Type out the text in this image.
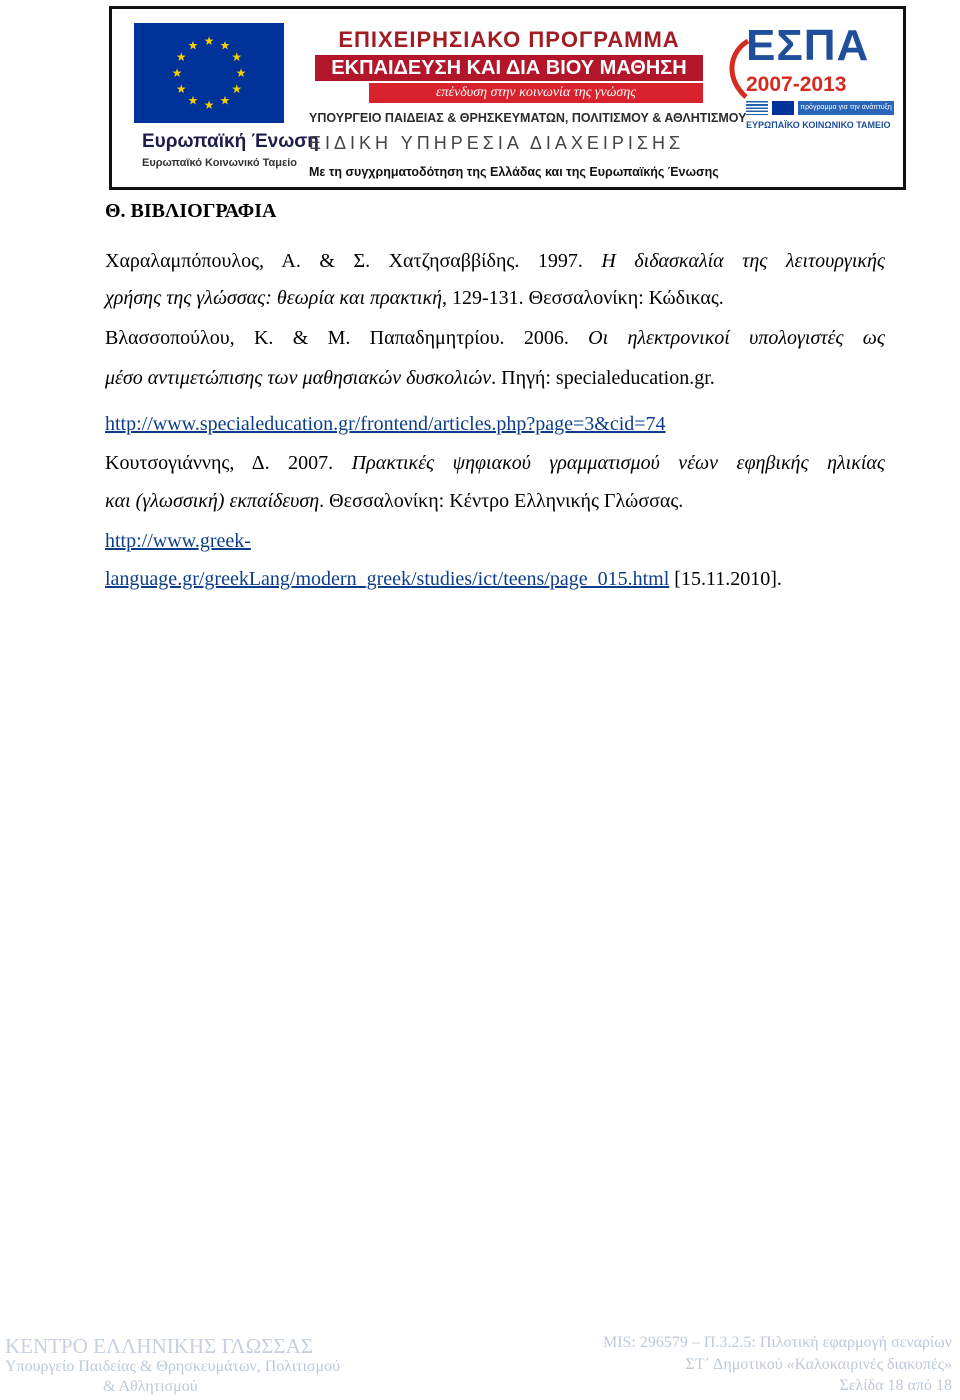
★ ★
★
★
★
★
★
★
★
★
★
★
Ευρωπαϊκή Ένωση
Ευρωπαϊκό Κοινωνικό Ταμείο
ΕΠΙΧΕΙΡΗΣΙΑΚΟ ΠΡΟΓΡΑΜΜΑ
ΕΚΠΑΙΔΕΥΣΗ ΚΑΙ ΔΙΑ ΒΙΟΥ ΜΑΘΗΣΗ
επένδυση στην κοινωνία της γνώσης
ΥΠΟΥΡΓΕΙΟ ΠΑΙΔΕΙΑΣ & ΘΡΗΣΚΕΥΜΑΤΩΝ, ΠΟΛΙΤΙΣΜΟΥ & ΑΘΛΗΤΙΣΜΟΥ
ΕΙΔΙΚΗ ΥΠΗΡΕΣΙΑ ΔΙΑΧΕΙΡΙΣΗΣ
Με τη συγχρηματοδότηση της Ελλάδας και της Ευρωπαϊκής Ένωσης
ΕΣΠΑ
2007-2013
πρόγραμμα για την ανάπτυξη
ΕΥΡΩΠΑΪΚΟ ΚΟΙΝΩΝΙΚΟ ΤΑΜΕΙΟ
Θ. ΒΙΒΛΙΟΓΡΑΦΙΑ
Χαραλαμπόπουλος, Α. & Σ. Χατζησαββίδης. 1997. Η διδασκαλία της λειτουργικής
χρήσης της γλώσσας: θεωρία και πρακτική, 129-131. Θεσσαλονίκη: Κώδικας.
Βλασσοπούλου, Κ. & Μ. Παπαδημητρίου. 2006. Οι ηλεκτρονικοί υπολογιστές ως
μέσο αντιμετώπισης των μαθησιακών δυσκολιών. Πηγή: specialeducation.gr.
http://www.specialeducation.gr/frontend/articles.php?page=3&cid=74
Κουτσογιάννης, Δ. 2007. Πρακτικές ψηφιακού γραμματισμού νέων εφηβικής ηλικίας
και (γλωσσική) εκπαίδευση. Θεσσαλονίκη: Κέντρο Ελληνικής Γλώσσας.
http://www.greek-
language.gr/greekLang/modern_greek/studies/ict/teens/page_015.html [15.11.2010].
ΚΕΝΤΡΟ ΕΛΛΗΝΙΚΗΣ ΓΛΩΣΣΑΣ
Υπουργείο Παιδείας & Θρησκευμάτων, Πολιτισμού
& Αθλητισμού
MIS: 296579 – Π.3.2.5: Πιλοτική εφαρμογή σεναρίων
ΣΤ΄ Δημοτικού «Καλοκαιρινές διακοπές»
Σελίδα 18 από 18
